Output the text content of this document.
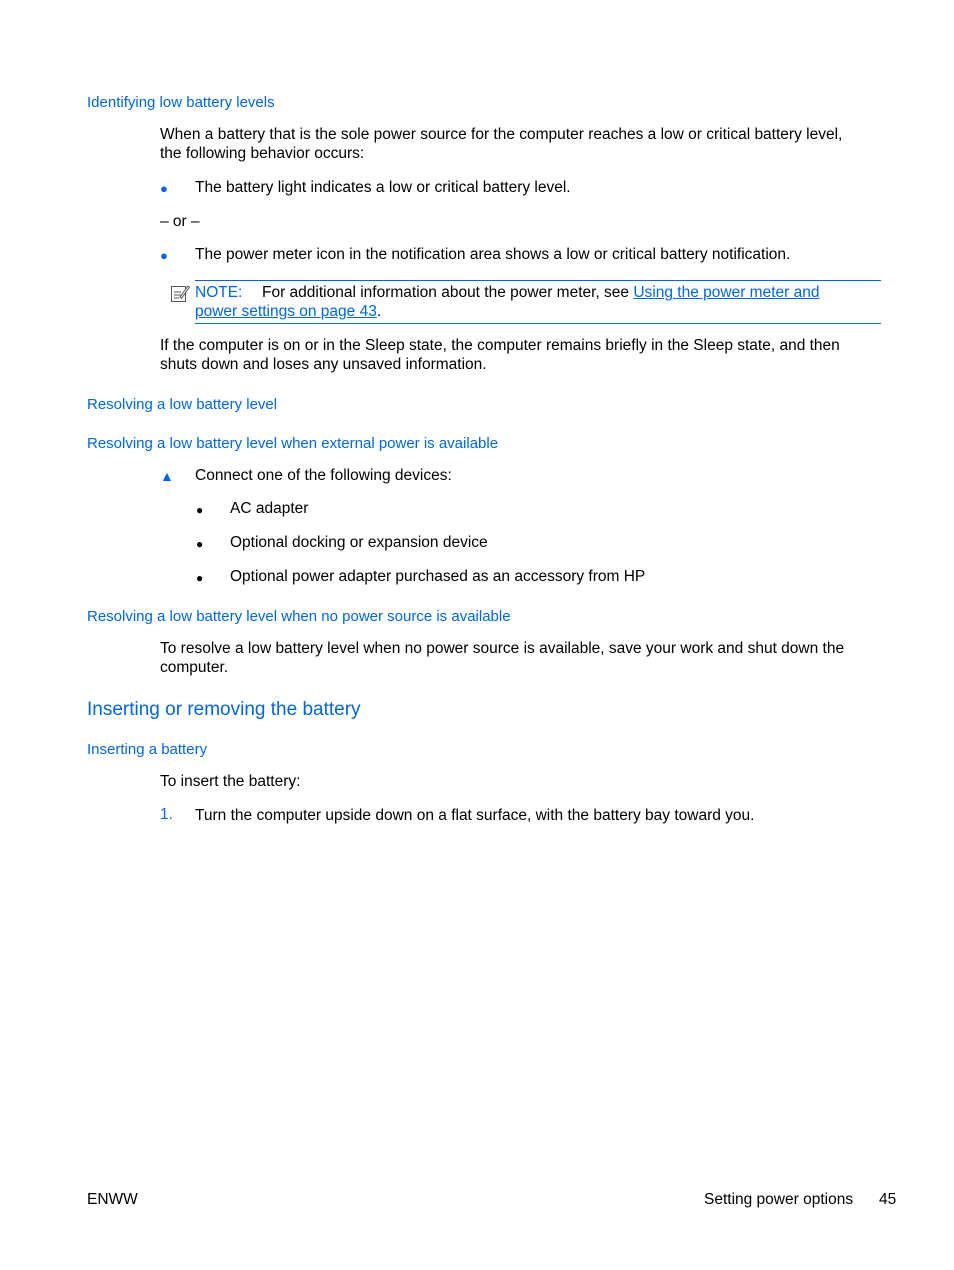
Identifying low battery levels
When a battery that is the sole power source for the computer reaches a low or critical battery level,
the following behavior occurs:
● The battery light indicates a low or critical battery level.
– or –
● The power meter icon in the notification area shows a low or critical battery notification.
NOTE: For additional information about the power meter, see Using the power meter and
power settings on page 43.
If the computer is on or in the Sleep state, the computer remains briefly in the Sleep state, and then
shuts down and loses any unsaved information.
Resolving a low battery level
Resolving a low battery level when external power is available
▲ Connect one of the following devices:
● AC adapter
● Optional docking or expansion device
● Optional power adapter purchased as an accessory from HP
Resolving a low battery level when no power source is available
To resolve a low battery level when no power source is available, save your work and shut down the
computer.
Inserting or removing the battery
Inserting a battery
To insert the battery:
1. Turn the computer upside down on a flat surface, with the battery bay toward you.
ENWW	Setting power options 45
